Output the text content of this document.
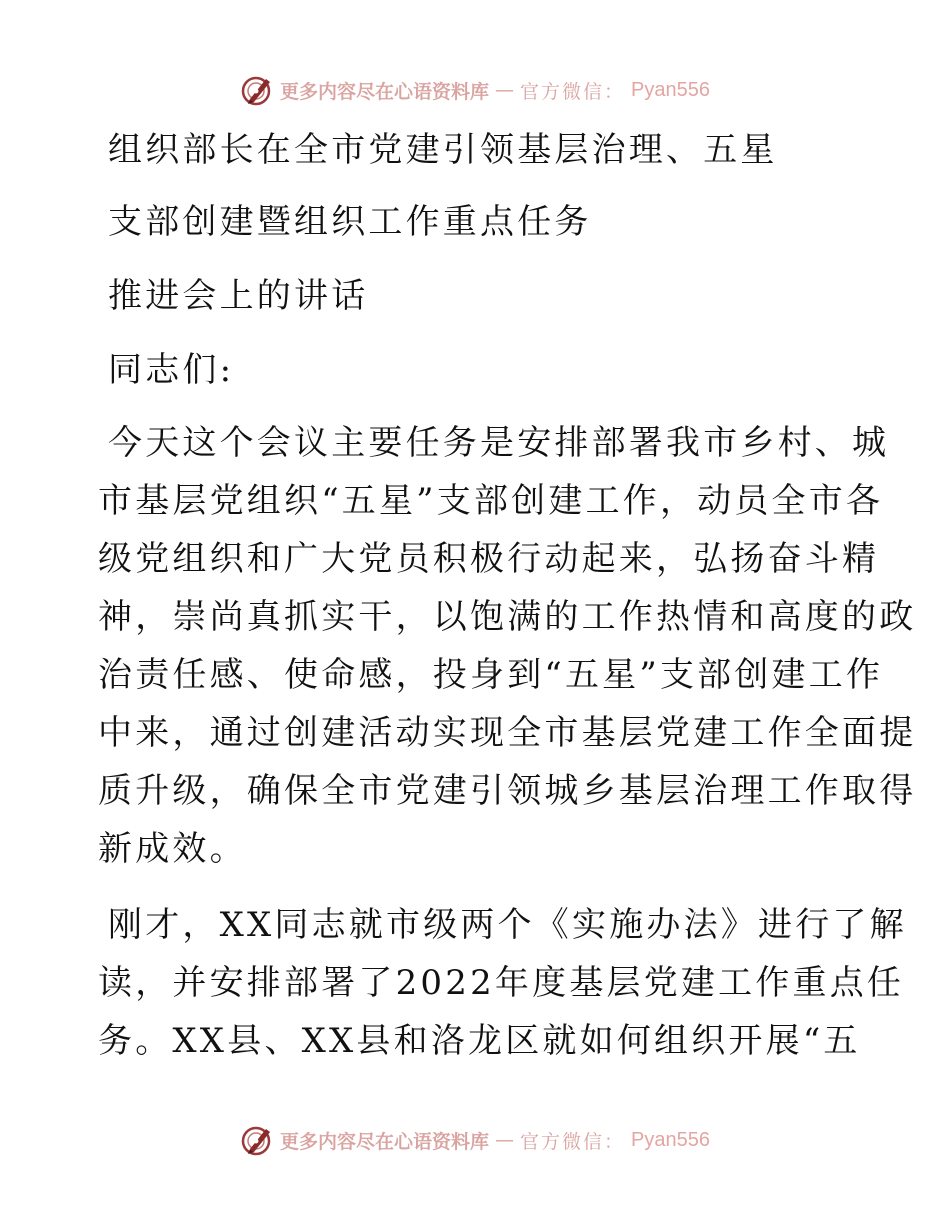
更多内容尽在心语资料库 — 官方微信： Pyan556
组织部长在全市党建引领基层治理、五星
支部创建暨组织工作重点任务
推进会上的讲话
同志们:

今天这个会议主要任务是安排部署我市乡村、城

市基层党组织“五星”支部创建工作，动员全市各

级党组织和广大党员积极行动起来，弘扬奋斗精

神，崇尚真抓实干，以饱满的工作热情和高度的政

治责任感、使命感，投身到“五星”支部创建工作

中来，通过创建活动实现全市基层党建工作全面提

质升级，确保全市党建引领城乡基层治理工作取得

新成效。

刚才，XX同志就市级两个《实施办法》进行了解

读，并安排部署了2022年度基层党建工作重点任

务。XX县、XX县和洛龙区就如何组织开展“五

更多内容尽在心语资料库 — 官方微信： Pyan556
